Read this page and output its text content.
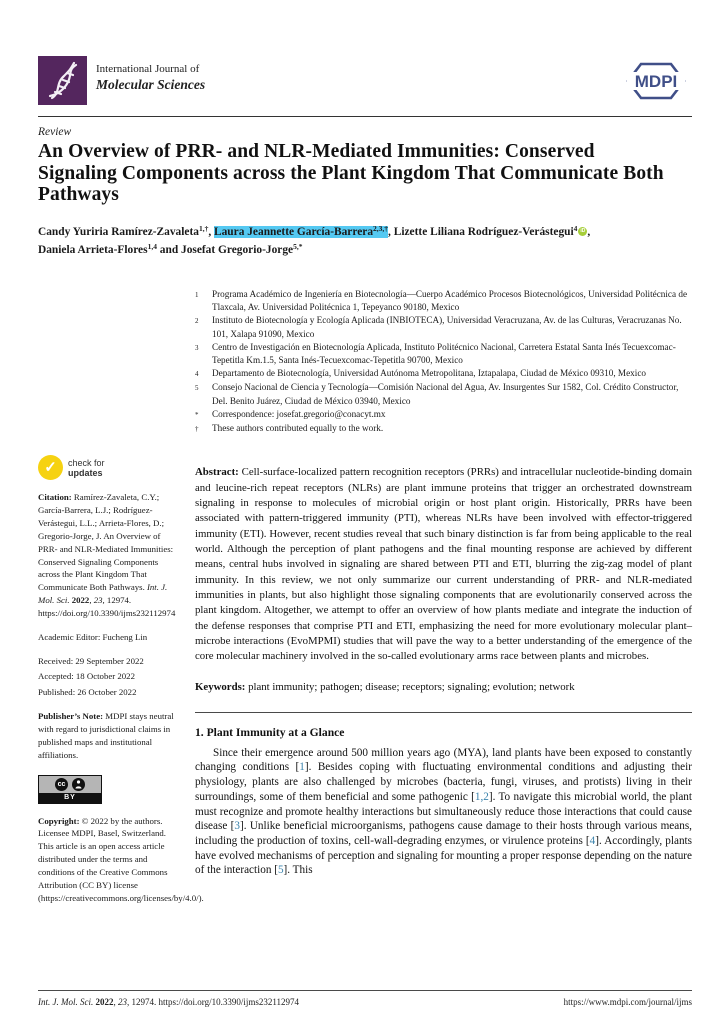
International Journal of
Molecular Sciences	MDPI
Review
An Overview of PRR- and NLR-Mediated Immunities: Conserved Signaling Components across the Plant Kingdom That Communicate Both Pathways
Candy Yuriria Ramírez-Zavaleta$^{1,\dagger}$, Laura Jeannette García-Barrera$^{2,3,\dagger}$, Lizette Liliana Rodríguez-Verástegui$^4$ iD ,
Daniela Arrieta-Flores$^{1,4}$ and Josefat Gregorio-Jorge$^{5,*}$
1	Programa Académico de Ingeniería en Biotecnología—Cuerpo Académico Procesos Biotecnológicos, Universidad Politécnica de Tlaxcala, Av. Universidad Politécnica 1, Tepeyanco 90180, Mexico
2	Instituto de Biotecnología y Ecología Aplicada (INBIOTECA), Universidad Veracruzana, Av. de las Culturas, Veracruzanas No. 101, Xalapa 91090, Mexico
3	Centro de Investigación en Biotecnología Aplicada, Instituto Politécnico Nacional, Carretera Estatal Santa Inés Tecuexcomac-Tepetitla Km.1.5, Santa Inés-Tecuexcomac-Tepetitla 90700, Mexico
4	Departamento de Biotecnología, Universidad Autónoma Metropolitana, Iztapalapa, Ciudad de México 09310, Mexico
5	Consejo Nacional de Ciencia y Tecnología—Comisión Nacional del Agua, Av. Insurgentes Sur 1582, Col. Crédito Constructor, Del. Benito Juárez, Ciudad de México 03940, Mexico
*	Correspondence: josefat.gregorio@conacyt.mx
†	These authors contributed equally to the work.

Abstract: Cell-surface-localized pattern recognition receptors (PRRs) and intracellular nucleotide-binding domain and leucine-rich repeat receptors (NLRs) are plant immune proteins that trigger an orchestrated downstream signaling in response to molecules of microbial origin or host plant origin. Historically, PRRs have been associated with pattern-triggered immunity (PTI), whereas NLRs have been involved with effector-triggered immunity (ETI). However, recent studies reveal that such binary distinction is far from being applicable to the real world. Although the perception of plant pathogens and the final mounting response are achieved by different means, central hubs involved in signaling are shared between PTI and ETI, blurring the zig-zag model of plant immunity. In this review, we not only summarize our current understanding of PRR- and NLR-mediated immunities in plants, but also highlight those signaling components that are evolutionarily conserved across the plant kingdom. Altogether, we attempt to offer an overview of how plants mediate and integrate the induction of the defense responses that comprise PTI and ETI, emphasizing the need for more evolutionary molecular plant–microbe interactions (EvoMPMI) studies that will pave the way to a better understanding of the emergence of the core molecular machinery involved in the so-called evolutionary arms race between plants and microbes.

Keywords: plant immunity; pathogen; disease; receptors; signaling; evolution; network

1. Plant Immunity at a Glance

Since their emergence around 500 million years ago (MYA), land plants have been exposed to constantly changing conditions [1]. Besides coping with fluctuating environmental conditions and adjusting their physiology, plants are also challenged by microbes (bacteria, fungi, viruses, and protists) living in their surroundings, some of them beneficial and some pathogenic [1,2]. To navigate this microbial world, the plant must recognize and promote healthy interactions but simultaneously reduce those interactions that could cause disease [3]. Unlike beneficial microorganisms, pathogens cause damage to their hosts through various means, including the production of toxins, cell-wall-degrading enzymes, or virulence proteins [4]. Accordingly, plants have evolved mechanisms of perception and signaling for mounting a proper response depending on the nature of the interaction [5]. This

✓	check for
updates
Citation: Ramírez-Zavaleta, C.Y.; García-Barrera, L.J.; Rodríguez-Verástegui, L.L.; Arrieta-Flores, D.; Gregorio-Jorge, J. An Overview of PRR- and NLR-Mediated Immunities: Conserved Signaling Components across the Plant Kingdom That Communicate Both Pathways. Int. J. Mol. Sci. 2022, 23, 12974. https://doi.org/10.3390/ijms232112974
Academic Editor: Fucheng Lin
Received: 29 September 2022
Accepted: 18 October 2022
Published: 26 October 2022
Publisher’s Note: MDPI stays neutral with regard to jurisdictional claims in published maps and institutional affiliations.
cc
BY
Copyright: © 2022 by the authors. Licensee MDPI, Basel, Switzerland. This article is an open access article distributed under the terms and conditions of the Creative Commons Attribution (CC BY) license (https://creativecommons.org/licenses/by/4.0/).
Int. J. Mol. Sci. 2022, 23, 12974. https://doi.org/10.3390/ijms232112974	https://www.mdpi.com/journal/ijms
